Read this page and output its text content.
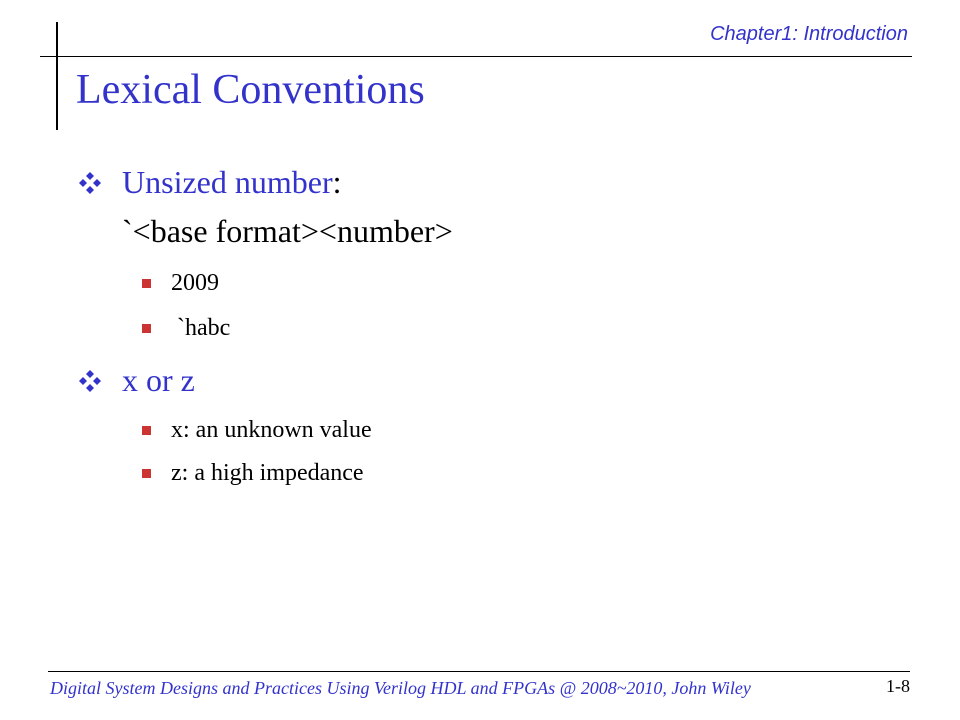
Chapter1: Introduction
Lexical Conventions
Unsized number:
`<base format><number>
2009
`habc
x or z
x: an unknown value
z: a high impedance
Digital System Designs and Practices Using Verilog HDL and FPGAs @ 2008~2010, John Wiley	1-8
